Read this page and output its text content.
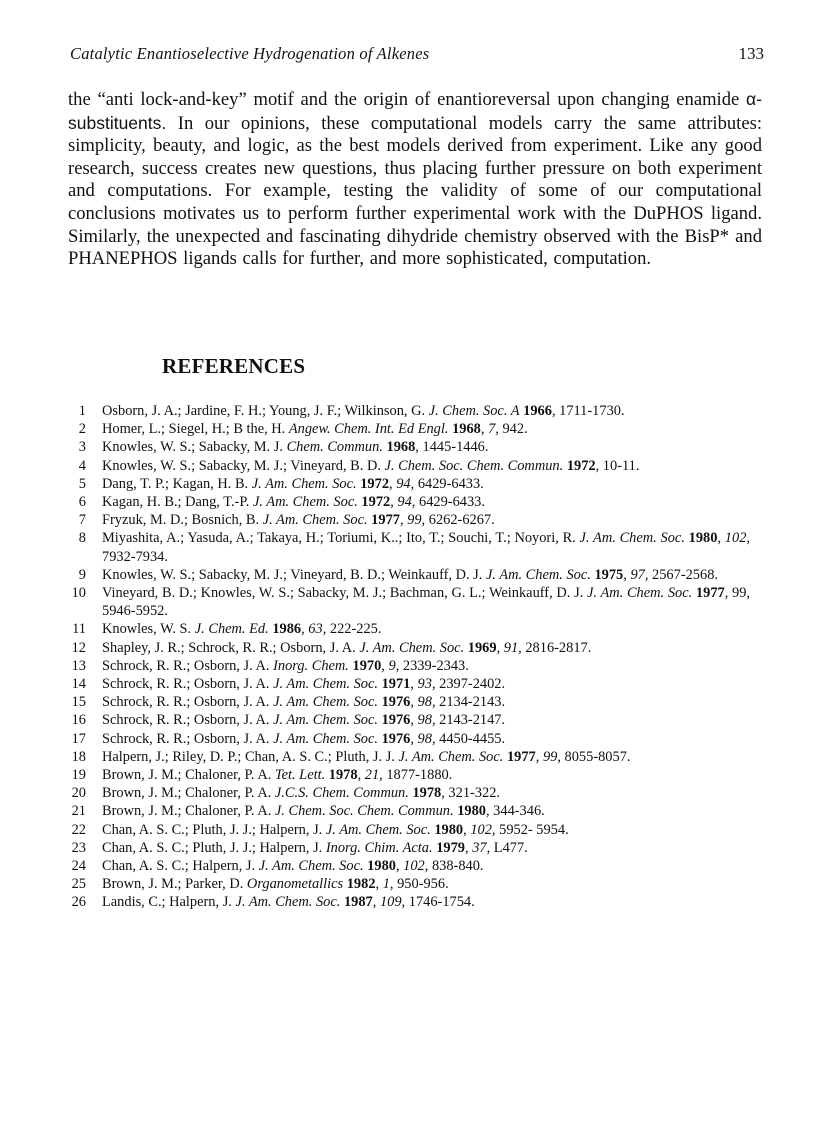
Catalytic Enantioselective Hydrogenation of Alkenes	133
the “anti lock-and-key” motif and the origin of enantioreversal upon changing enamide α-substituents. In our opinions, these computational models carry the same attributes: simplicity, beauty, and logic, as the best models derived from experiment. Like any good research, success creates new questions, thus placing further pressure on both experiment and computations. For example, testing the validity of some of our computational conclusions motivates us to perform further experimental work with the DuPHOS ligand. Similarly, the unexpected and fascinating dihydride chemistry observed with the BisP* and PHANEPHOS ligands calls for further, and more sophisticated, computation.
REFERENCES
1 Osborn, J. A.; Jardine, F. H.; Young, J. F.; Wilkinson, G. J. Chem. Soc. A 1966, 1711-1730.
2 Homer, L.; Siegel, H.; B the, H. Angew. Chem. Int. Ed Engl. 1968, 7, 942.
3 Knowles, W. S.; Sabacky, M. J. Chem. Commun. 1968, 1445-1446.
4 Knowles, W. S.; Sabacky, M. J.; Vineyard, B. D. J. Chem. Soc. Chem. Commun. 1972, 10-11.
5 Dang, T. P.; Kagan, H. B. J. Am. Chem. Soc. 1972, 94, 6429-6433.
6 Kagan, H. B.; Dang, T.-P. J. Am. Chem. Soc. 1972, 94, 6429-6433.
7 Fryzuk, M. D.; Bosnich, B. J. Am. Chem. Soc. 1977, 99, 6262-6267.
8 Miyashita, A.; Yasuda, A.; Takaya, H.; Toriumi, K..; Ito, T.; Souchi, T.; Noyori, R. J. Am. Chem. Soc. 1980, 102, 7932-7934.
9 Knowles, W. S.; Sabacky, M. J.; Vineyard, B. D.; Weinkauff, D. J. J. Am. Chem. Soc. 1975, 97, 2567-2568.
10 Vineyard, B. D.; Knowles, W. S.; Sabacky, M. J.; Bachman, G. L.; Weinkauff, D. J. J. Am. Chem. Soc. 1977, 99, 5946-5952.
11 Knowles, W. S. J. Chem. Ed. 1986, 63, 222-225.
12 Shapley, J. R.; Schrock, R. R.; Osborn, J. A. J. Am. Chem. Soc. 1969, 91, 2816-2817.
13 Schrock, R. R.; Osborn, J. A. Inorg. Chem. 1970, 9, 2339-2343.
14 Schrock, R. R.; Osborn, J. A. J. Am. Chem. Soc. 1971, 93, 2397-2402.
15 Schrock, R. R.; Osborn, J. A. J. Am. Chem. Soc. 1976, 98, 2134-2143.
16 Schrock, R. R.; Osborn, J. A. J. Am. Chem. Soc. 1976, 98, 2143-2147.
17 Schrock, R. R.; Osborn, J. A. J. Am. Chem. Soc. 1976, 98, 4450-4455.
18 Halpern, J.; Riley, D. P.; Chan, A. S. C.; Pluth, J. J. J. Am. Chem. Soc. 1977, 99, 8055-8057.
19 Brown, J. M.; Chaloner, P. A. Tet. Lett. 1978, 21, 1877-1880.
20 Brown, J. M.; Chaloner, P. A. J.C.S. Chem. Commun. 1978, 321-322.
21 Brown, J. M.; Chaloner, P. A. J. Chem. Soc. Chem. Commun. 1980, 344-346.
22 Chan, A. S. C.; Pluth, J. J.; Halpern, J. J. Am. Chem. Soc. 1980, 102, 5952- 5954.
23 Chan, A. S. C.; Pluth, J. J.; Halpern, J. Inorg. Chim. Acta. 1979, 37, L477.
24 Chan, A. S. C.; Halpern, J. J. Am. Chem. Soc. 1980, 102, 838-840.
25 Brown, J. M.; Parker, D. Organometallics 1982, 1, 950-956.
26 Landis, C.; Halpern, J. J. Am. Chem. Soc. 1987, 109, 1746-1754.
